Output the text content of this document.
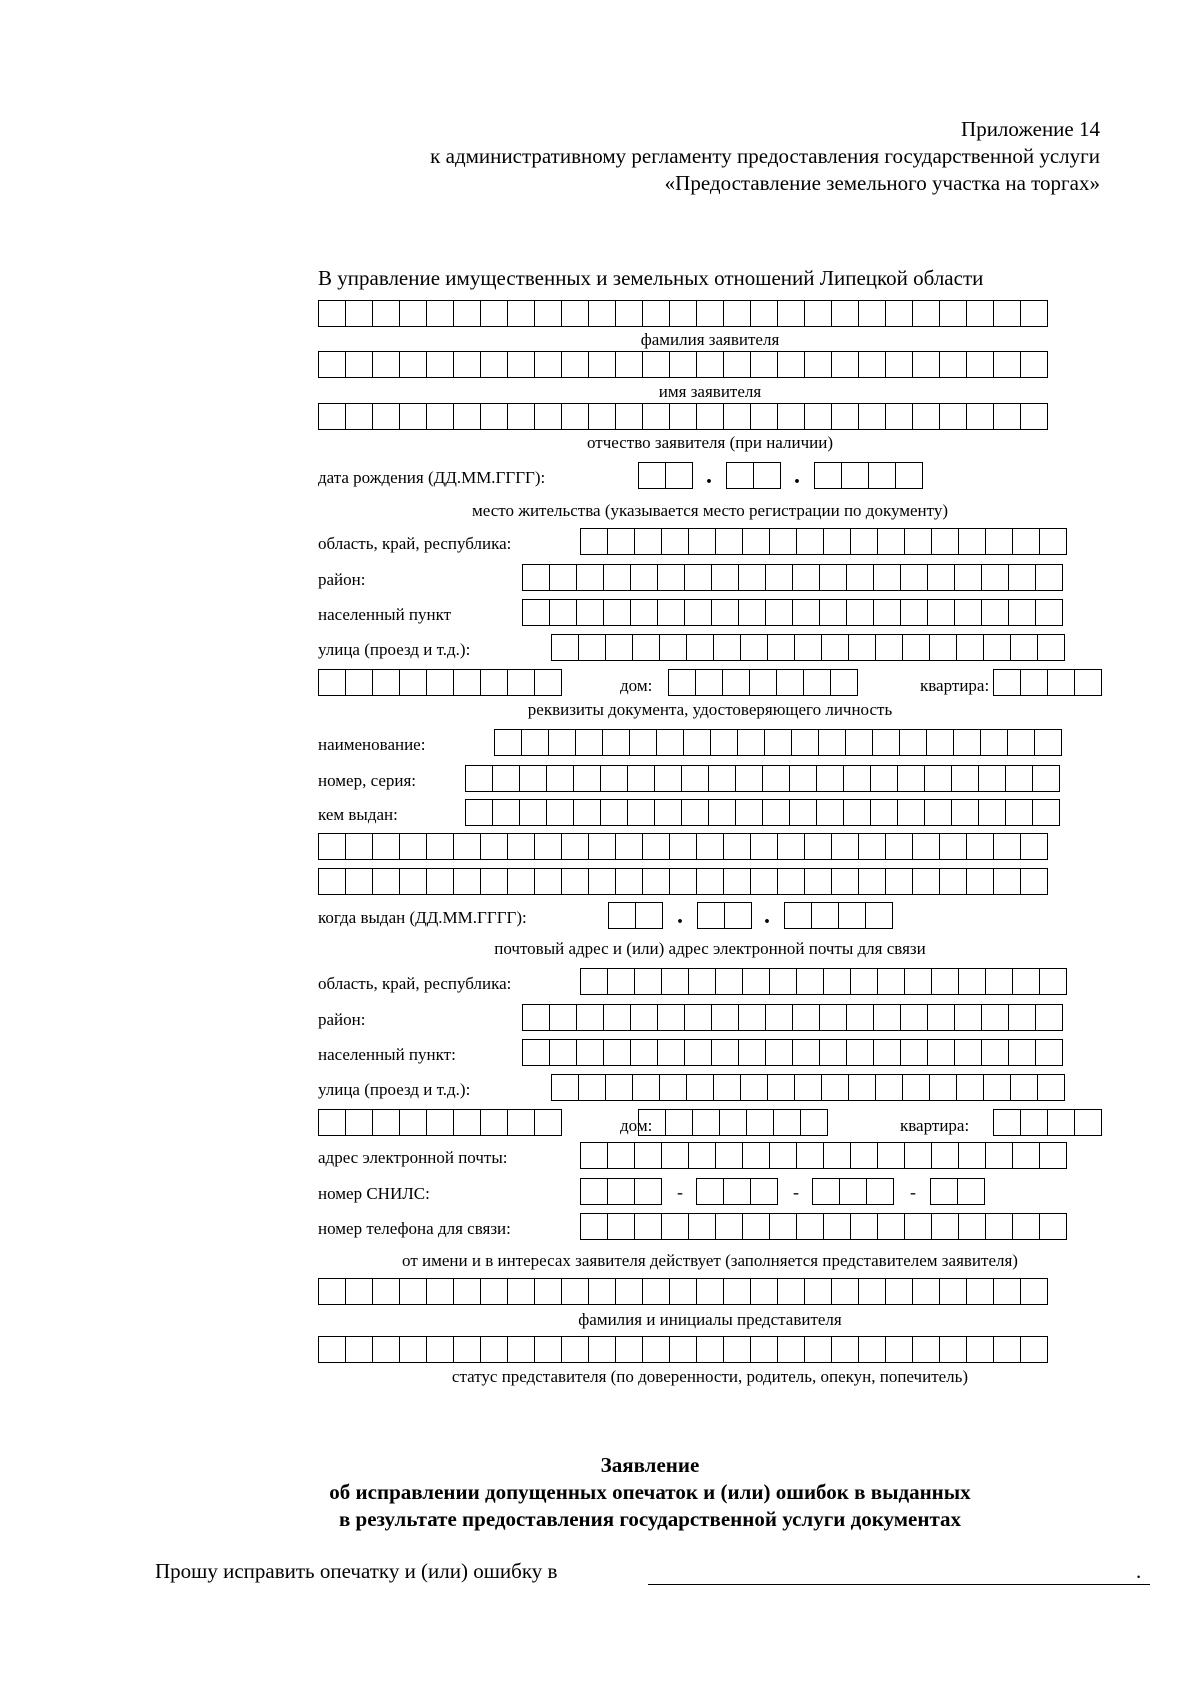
Приложение 14
к административному регламенту предоставления государственной услуги
«Предоставление земельного участка на торгах»
В управление имущественных и земельных отношений Липецкой области
фамилия заявителя
имя заявителя
отчество заявителя (при наличии)
дата рождения (ДД.ММ.ГГГГ):	.	.
место жительства (указывается место регистрации по документу)
область, край, республика:
район:
населенный пункт
улица (проезд и т.д.):
дом:	квартира:
реквизиты документа, удостоверяющего личность
наименование:
номер, серия:
кем выдан:
когда выдан (ДД.ММ.ГГГГ):	.	.
почтовый адрес и (или) адрес электронной почты для связи
область, край, республика:
район:
населенный пункт:
улица (проезд и т.д.):
дом:	квартира:
адрес электронной почты:
номер СНИЛС:	-	-	-
номер телефона для связи:
от имени и в интересах заявителя действует (заполняется представителем заявителя)
фамилия и инициалы представителя
статус представителя (по доверенности, родитель, опекун, попечитель)
Заявление
об исправлении допущенных опечаток и (или) ошибок в выданных
в результате предоставления государственной услуги документах
Прошу исправить опечатку и (или) ошибку в	.
